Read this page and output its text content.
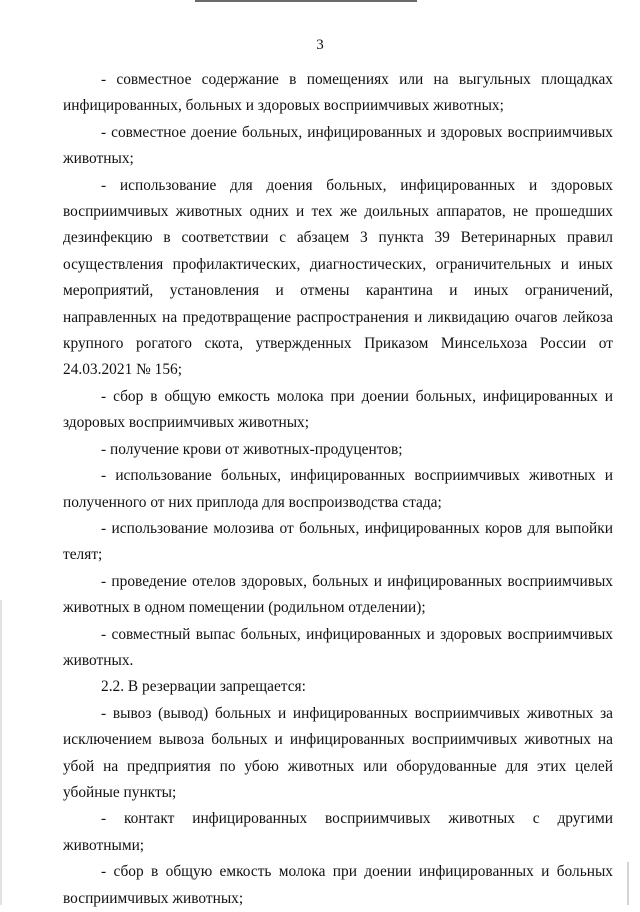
3

- совместное содержание в помещениях или на выгульных площадках инфицированных, больных и здоровых восприимчивых животных;

- совместное доение больных, инфицированных и здоровых восприимчивых животных;

- использование для доения больных, инфицированных и здоровых восприимчивых животных одних и тех же доильных аппаратов, не прошедших дезинфекцию в соответствии с абзацем 3 пункта 39 Ветеринарных правил осуществления профилактических, диагностических, ограничительных и иных мероприятий, установления и отмены карантина и иных ограничений, направленных на предотвращение распространения и ликвидацию очагов лейкоза крупного рогатого скота, утвержденных Приказом Минсельхоза России от 24.03.2021 № 156;

- сбор в общую емкость молока при доении больных, инфицированных и здоровых восприимчивых животных;

- получение крови от животных-продуцентов;

- использование больных, инфицированных восприимчивых животных и полученного от них приплода для воспроизводства стада;

- использование молозива от больных, инфицированных коров для выпойки телят;

- проведение отелов здоровых, больных и инфицированных восприимчивых животных в одном помещении (родильном отделении);

- совместный выпас больных, инфицированных и здоровых восприимчивых животных.

2.2. В резервации запрещается:

- вывоз (вывод) больных и инфицированных восприимчивых животных за исключением вывоза больных и инфицированных восприимчивых животных на убой на предприятия по убою животных или оборудованные для этих целей убойные пункты;

- контакт инфицированных восприимчивых животных с другими животными;

- сбор в общую емкость молока при доении инфицированных и больных восприимчивых животных;
